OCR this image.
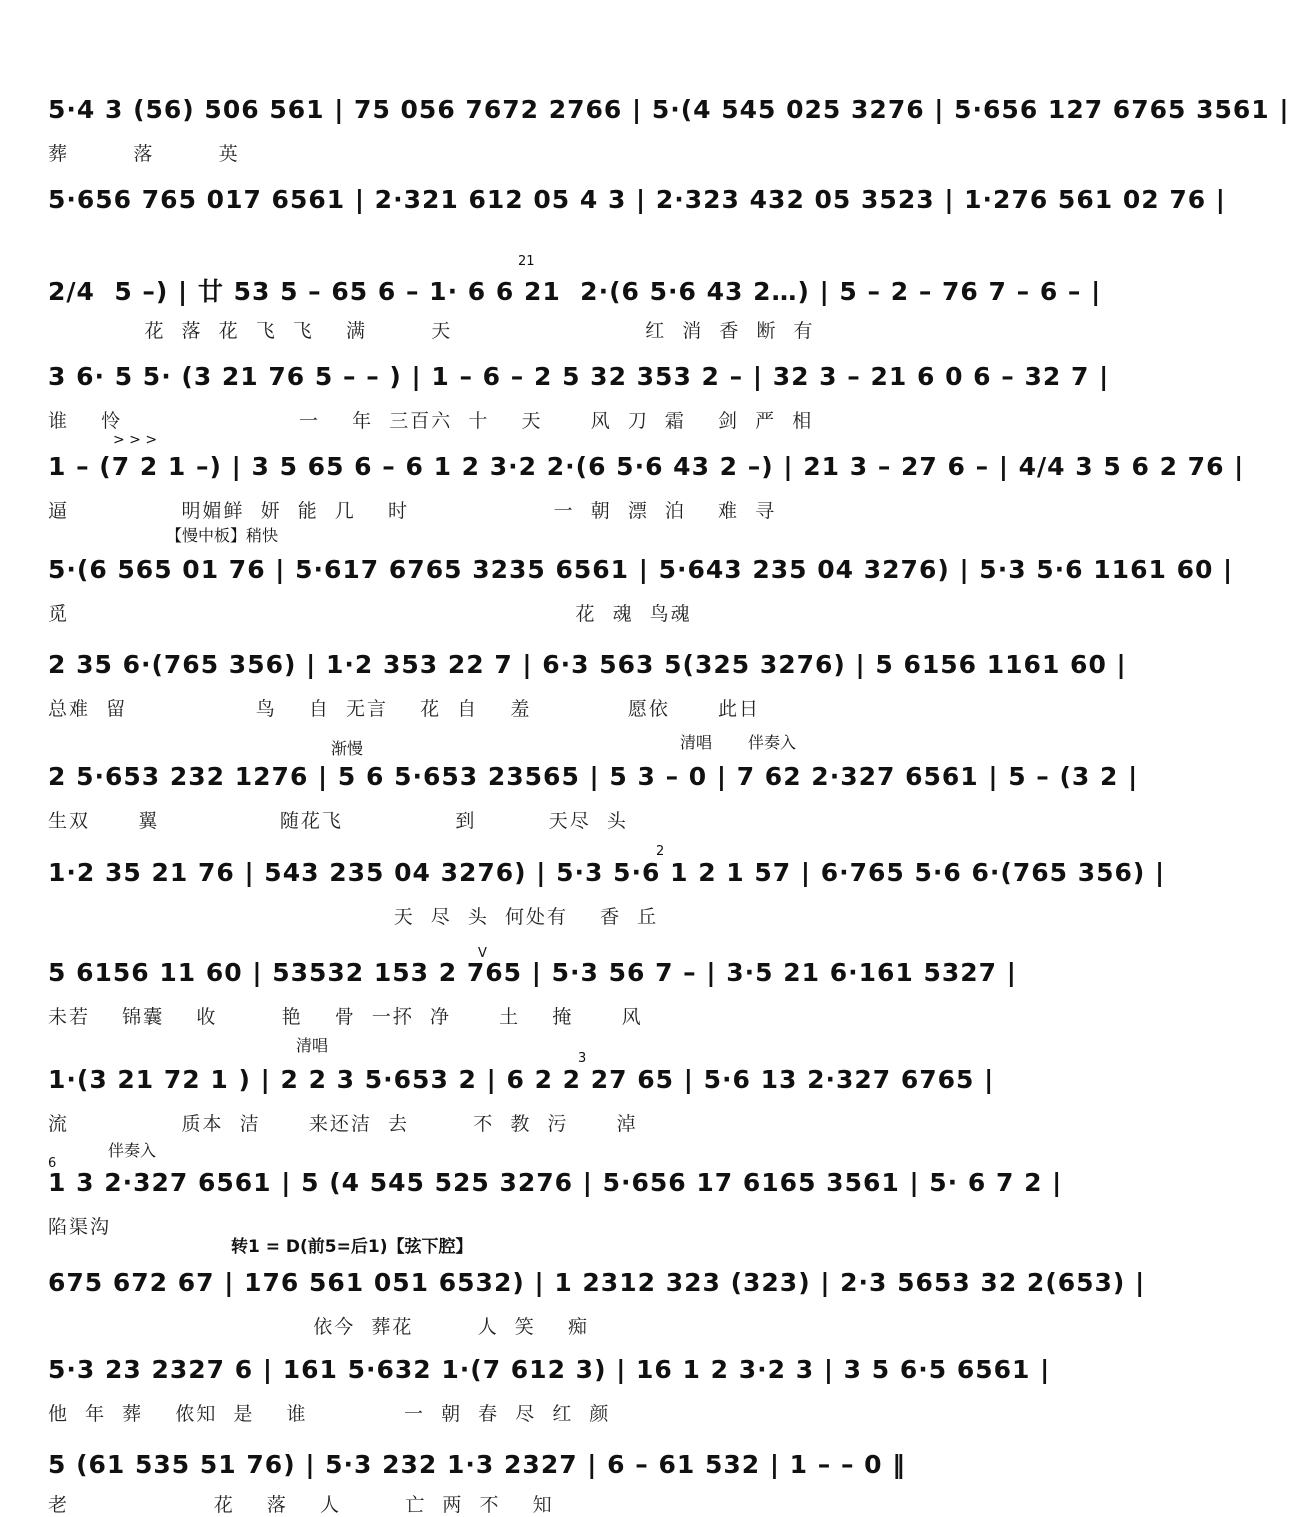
5·4 3 (56) 506 561 | 75 056 7672 2766 | 5·(4 545 025 3276 | 5·656 127 6765 3561 |
葬        落        英
5·656 765 017 6561 | 2·321 612 05 4 3 | 2·323 432 05 3523 | 1·276 561 02 76 |
21
2/4  5 –) | 廿 53 5 – 65 6 – 1· 6 6 21  2·(6 5·6 43 2…) | 5 – 2 – 76 7 – 6 – |
花  落  花  飞  飞    满        天                        红  消  香  断  有
3 6· 5 5· (3 21 76 5 – – ) | 1 – 6 – 2 5 32 353 2 – | 32 3 – 21 6 0 6 – 32 7 |
谁    怜                      一    年  三百六  十    天      风  刀  霜    剑  严  相
> > >
1 – (7 2 1 –) | 3 5 65 6 – 6 1 2 3·2 2·(6 5·6 43 2 –) | 21 3 – 27 6 – | 4/4 3 5 6 2 76 |
逼              明媚鲜  妍  能  几    时                  一  朝  漂  泊    难  寻
【慢中板】稍快
5·(6 565 01 76 | 5·617 6765 3235 6561 | 5·643 235 04 3276) | 5·3 5·6 1161 60 |
觅                                                               花  魂  鸟魂
2 35 6·(765 356) | 1·2 353 22 7 | 6·3 563 5(325 3276) | 5 6156 1161 60 |
总难  留                鸟    自  无言    花  自    羞            愿依      此日
渐慢	清唱 伴奏入
2 5·653 232 1276 | 5 6 5·653 23565 | 5 3 – 0 | 7 62 2·327 6561 | 5 – (3 2 |
生双      翼               随花飞              到         天尽  头
2
1·2 35 21 76 | 543 235 04 3276) | 5·3 5·6 1 2 1 57 | 6·765 5·6 6·(765 356) |
天  尽  头  何处有    香  丘
V
5 6156 11 60 | 53532 153 2 765 | 5·3 56 7 – | 3·5 21 6·161 5327 |
未若    锦囊    收        艳    骨  一抔  净      土    掩      风
清唱
3
1·(3 21 72 1 ) | 2 2 3 5·653 2 | 6 2 2 27 65 | 5·6 13 2·327 6765 |
流              质本  洁      来还洁  去        不  教  污      淖
伴奏入
6
1 3 2·327 6561 | 5 (4 545 525 3276 | 5·656 17 6165 3561 | 5· 6 7 2 |
陷渠沟
转1 = D(前5=后1)【弦下腔】
675 672 67 | 176 561 051 6532) | 1 2312 323 (323) | 2·3 5653 32 2(653) |
依今  葬花        人  笑    痴
5·3 23 2327 6 | 161 5·632 1·(7 612 3) | 16 1 2 3·2 3 | 3 5 6·5 6561 |
他  年  葬    侬知  是    谁            一  朝  春  尽  红  颜
5 (61 535 51 76) | 5·3 232 1·3 2327 | 6 – 61 532 | 1 – – 0 ‖
老                  花    落    人        亡  两  不    知
